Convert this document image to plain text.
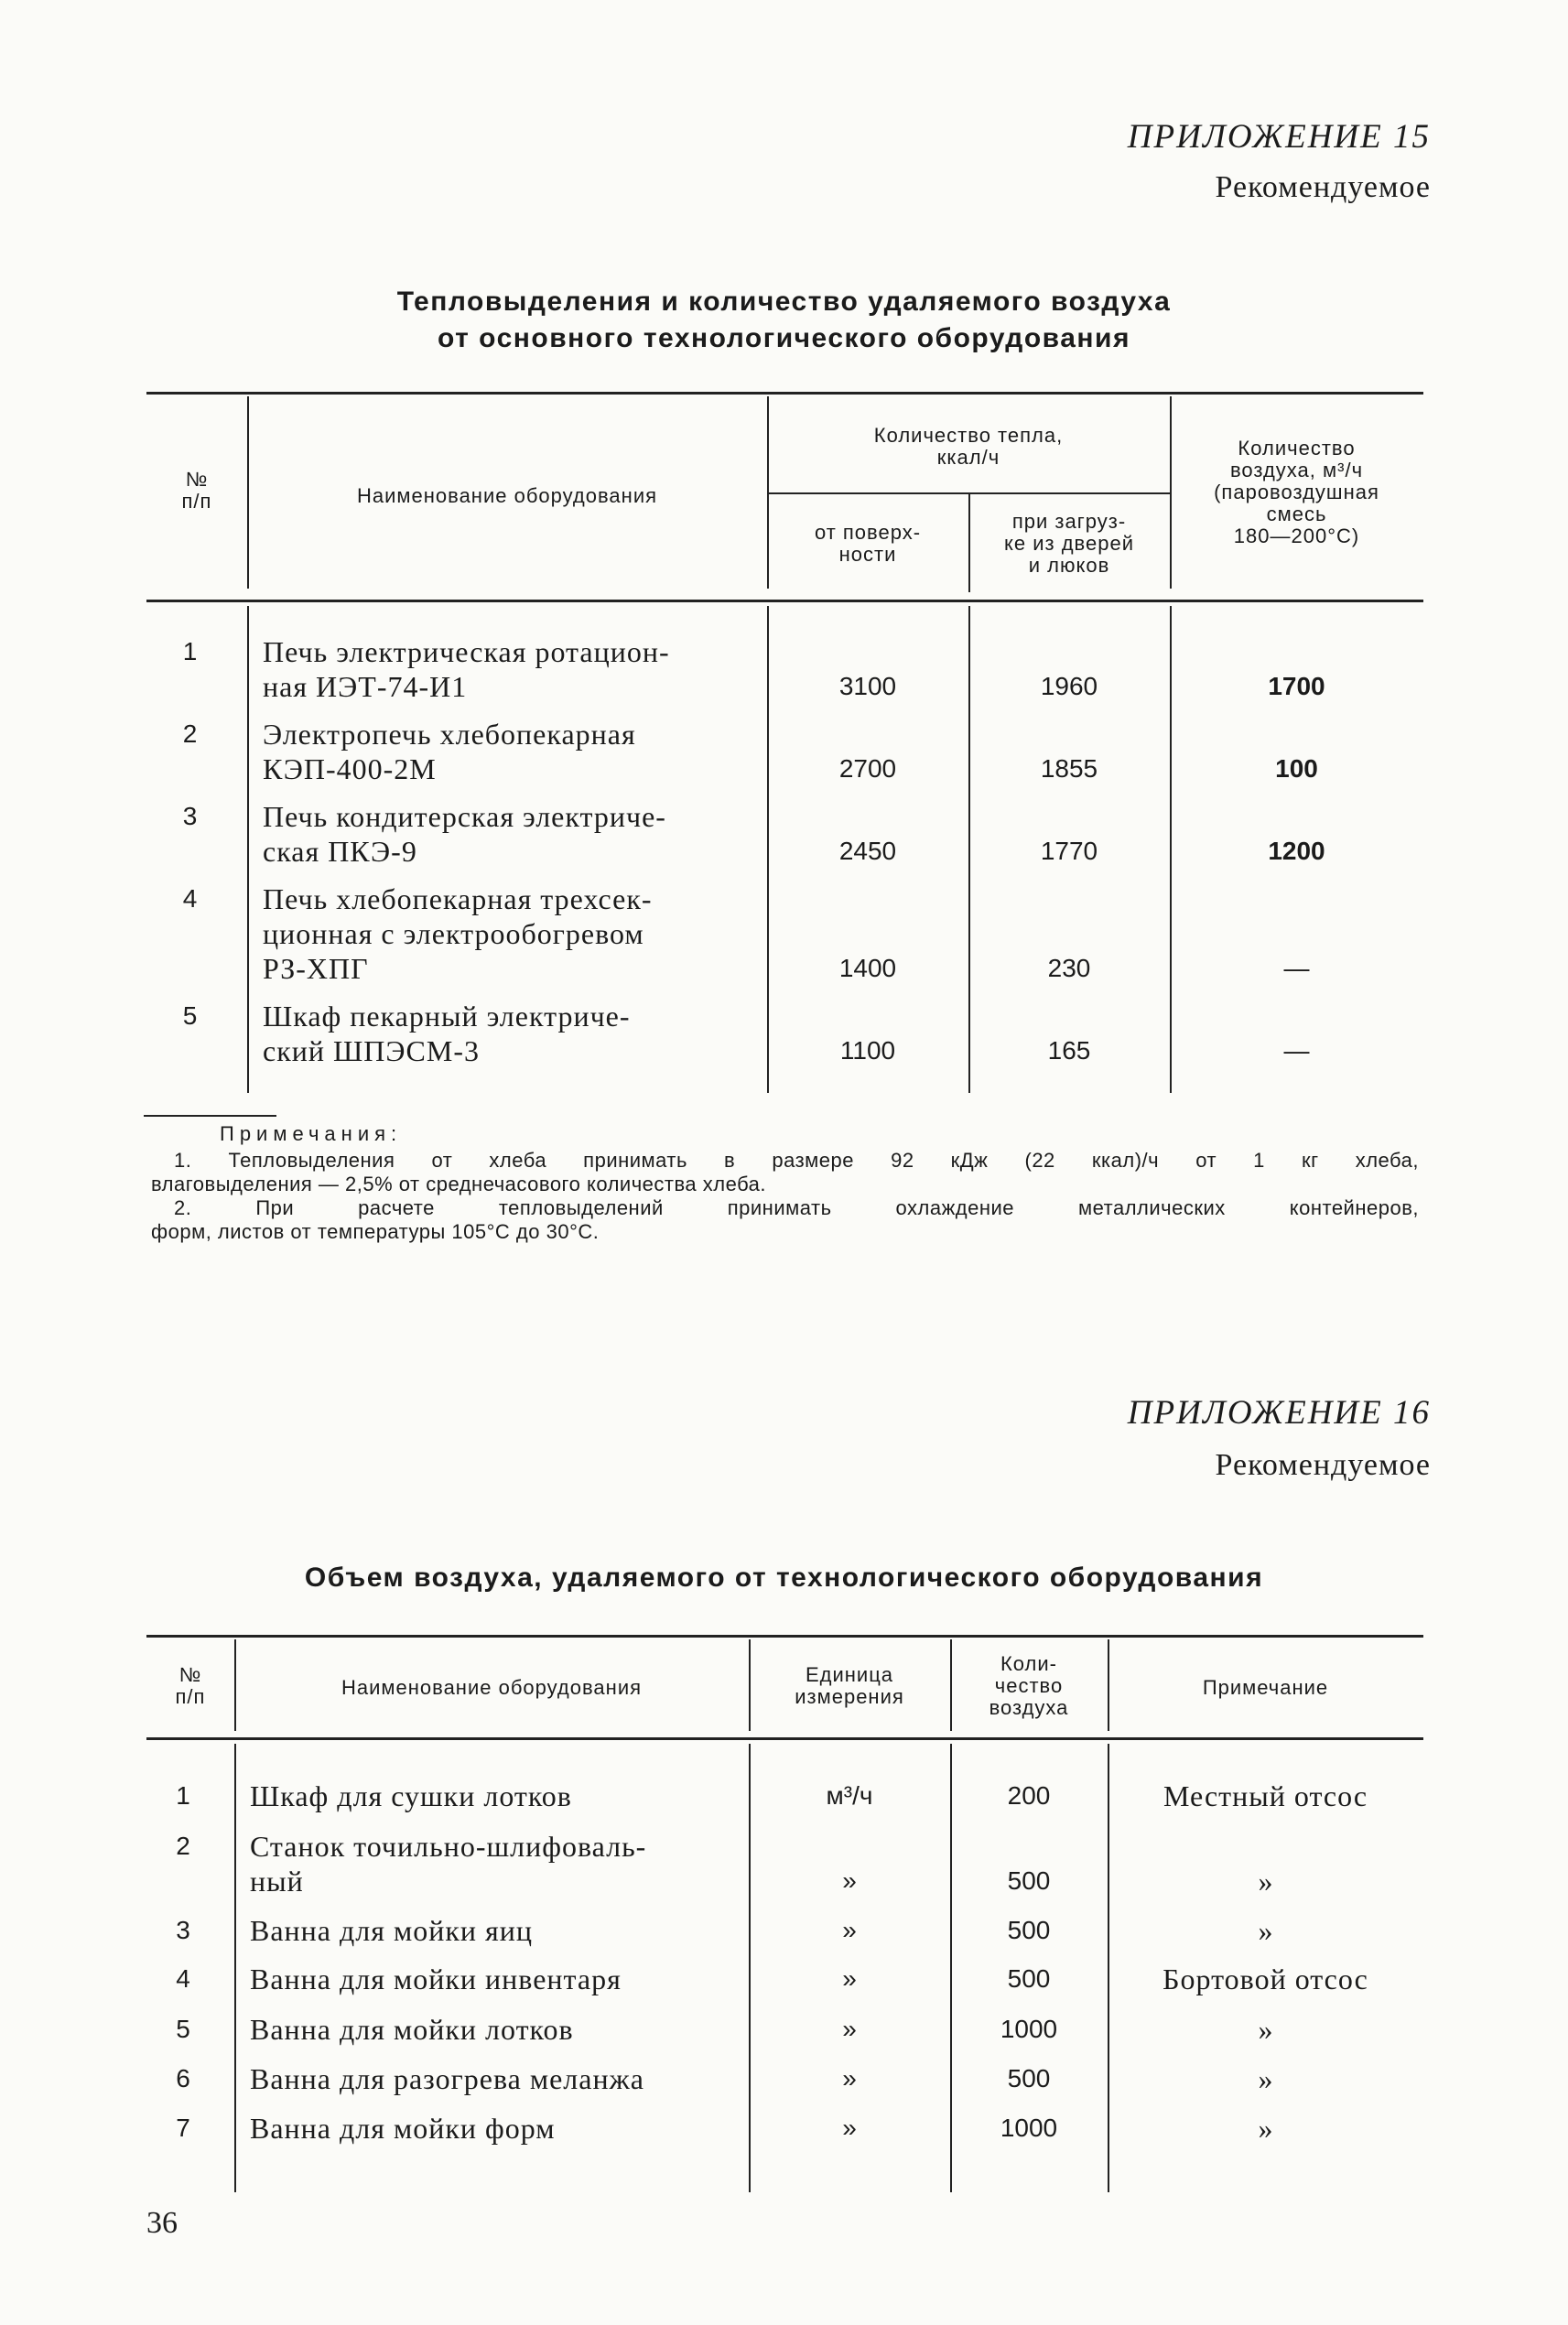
ПРИЛОЖЕНИЕ 15
Рекомендуемое
Тепловыделения и количество удаляемого воздуха
от основного технологического оборудования
№
п/п	Наименование оборудования
Количество тепла,
ккал/ч
от поверх-
ности
при загруз-
ке из дверей
и люков
Количество
воздуха, м³/ч
(паровоздушная
смесь
180—200°С)
1	Печь электрическая ротацион-
ная ИЭТ-74-И1	3100	1960	1700
2	Электропечь хлебопекарная
КЭП-400-2М	2700	1855	100
3	Печь кондитерская электриче-
ская ПКЭ-9	2450	1770	1200
4	Печь хлебопекарная трехсек-
ционная с электрообогревом
РЗ-ХПГ	1400	230	—
5	Шкаф пекарный электриче-
ский ШПЭСМ-3	1100	165	—
Примечания:
1. Тепловыделения от хлеба принимать в размере 92 кДж (22 ккал)/ч от 1 кг хлеба,
влаговыделения — 2,5% от среднечасового количества хлеба.
2. При расчете тепловыделений принимать охлаждение металлических контейнеров,
форм, листов от температуры 105°С до 30°С.
ПРИЛОЖЕНИЕ 16
Рекомендуемое
Объем воздуха, удаляемого от технологического оборудования
№
п/п	Наименование оборудования
Единица
измерения
Коли-
чество
воздуха
Примечание
1	Шкаф для сушки лотков	м³/ч	200	Местный отсос
2	Станок точильно-шлифоваль-
ный	»	500	»
3	Ванна для мойки яиц	»	500	»
4	Ванна для мойки инвентаря	»	500	Бортовой отсос
5	Ванна для мойки лотков	»	1000	»
6	Ванна для разогрева меланжа	»	500	»
7	Ванна для мойки форм	»	1000	»
36
